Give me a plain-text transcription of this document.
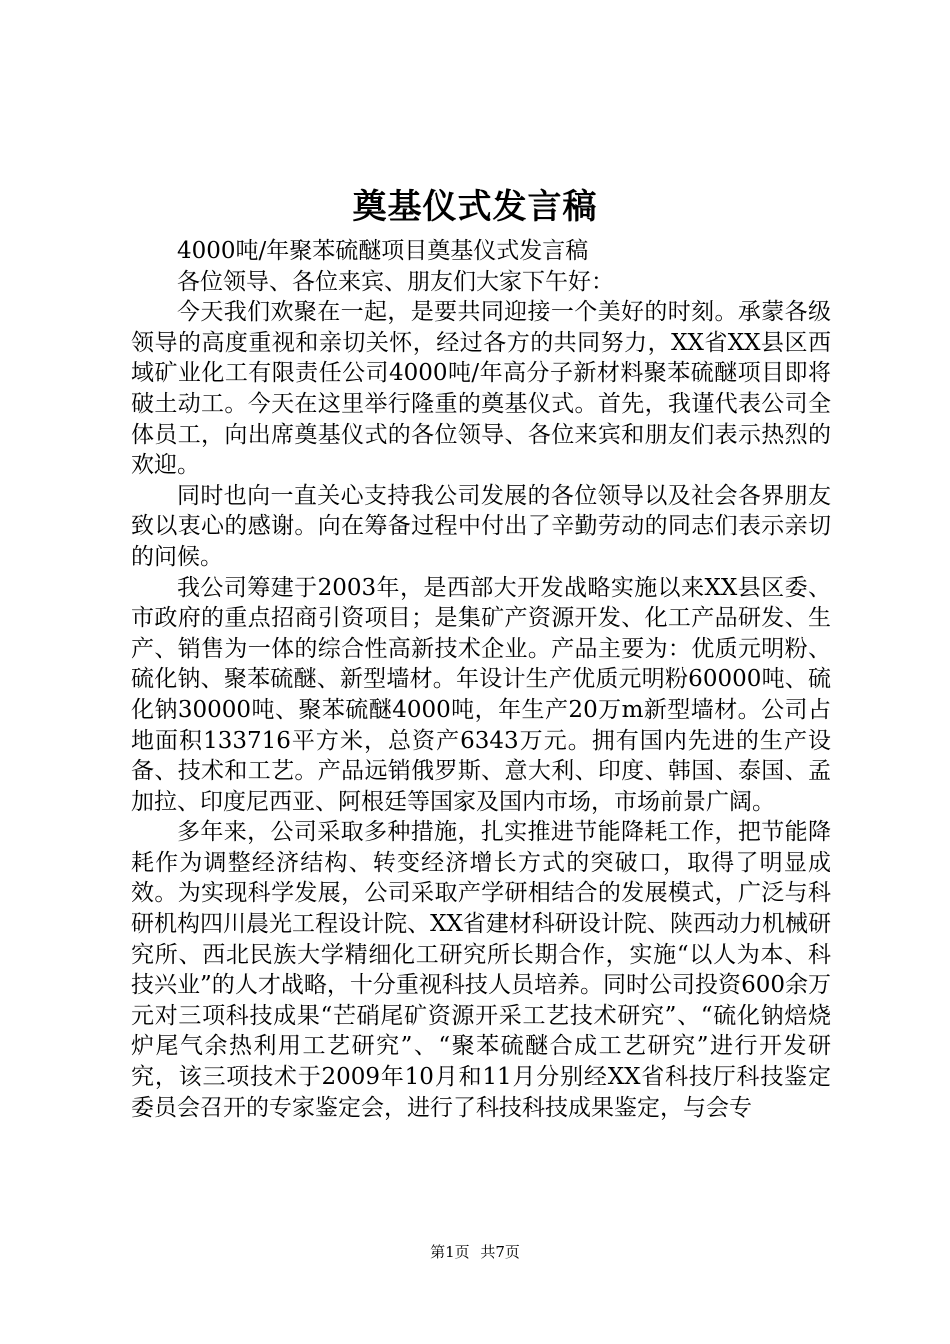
奠基仪式发言稿

4000吨/年聚苯硫醚项目奠基仪式发言稿

各位领导、各位来宾、朋友们大家下午好：

今天我们欢聚在一起，是要共同迎接一个美好的时刻。承蒙各级领导的高度重视和亲切关怀，经过各方的共同努力，XX省XX县区西域矿业化工有限责任公司4000吨/年高分子新材料聚苯硫醚项目即将破土动工。今天在这里举行隆重的奠基仪式。首先，我谨代表公司全体员工，向出席奠基仪式的各位领导、各位来宾和朋友们表示热烈的欢迎。

同时也向一直关心支持我公司发展的各位领导以及社会各界朋友致以衷心的感谢。向在筹备过程中付出了辛勤劳动的同志们表示亲切的问候。

我公司筹建于2003年，是西部大开发战略实施以来XX县区委、市政府的重点招商引资项目；是集矿产资源开发、化工产品研发、生产、销售为一体的综合性高新技术企业。产品主要为：优质元明粉、硫化钠、聚苯硫醚、新型墙材。年设计生产优质元明粉60000吨、硫化钠30000吨、聚苯硫醚4000吨，年生产20万m新型墙材。公司占地面积133716平方米，总资产6343万元。拥有国内先进的生产设备、技术和工艺。产品远销俄罗斯、意大利、印度、韩国、泰国、孟加拉、印度尼西亚、阿根廷等国家及国内市场，市场前景广阔。

多年来，公司采取多种措施，扎实推进节能降耗工作，把节能降耗作为调整经济结构、转变经济增长方式的突破口，取得了明显成效。为实现科学发展，公司采取产学研相结合的发展模式，广泛与科研机构四川晨光工程设计院、XX省建材科研设计院、陕西动力机械研究所、西北民族大学精细化工研究所长期合作，实施“以人为本、科技兴业”的人才战略，十分重视科技人员培养。同时公司投资600余万元对三项科技成果“芒硝尾矿资源开采工艺技术研究”、“硫化钠焙烧炉尾气余热利用工艺研究”、“聚苯硫醚合成工艺研究”进行开发研究，该三项技术于2009年10月和11月分别经XX省科技厅科技鉴定委员会召开的专家鉴定会，进行了科技科技成果鉴定，与会专

第1页 共7页
